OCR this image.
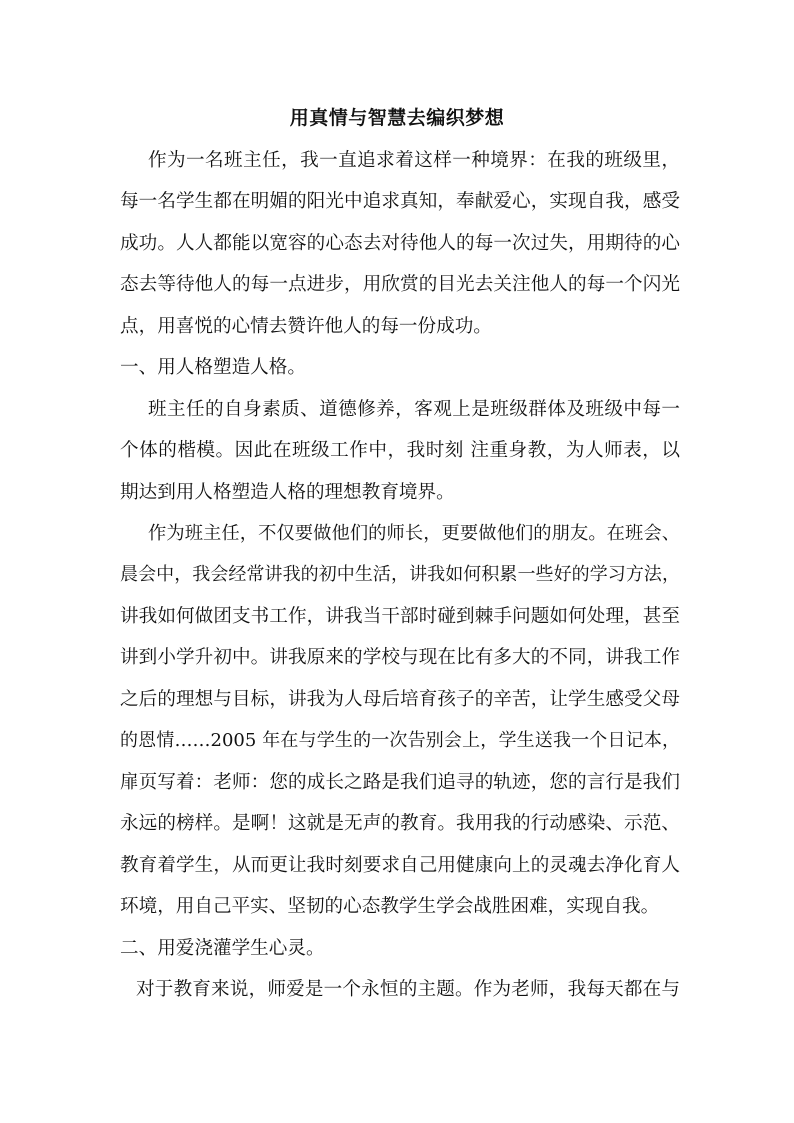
用真情与智慧去编织梦想
作为一名班主任，我一直追求着这样一种境界：在我的班级里，
每一名学生都在明媚的阳光中追求真知，奉献爱心，实现自我，感受
成功。人人都能以宽容的心态去对待他人的每一次过失，用期待的心
态去等待他人的每一点进步，用欣赏的目光去关注他人的每一个闪光
点，用喜悦的心情去赞许他人的每一份成功。
一、用人格塑造人格。
班主任的自身素质、道德修养，客观上是班级群体及班级中每一
个体的楷模。因此在班级工作中，我时刻 注重身教，为人师表，以
期达到用人格塑造人格的理想教育境界。
作为班主任，不仅要做他们的师长，更要做他们的朋友。在班会、
晨会中，我会经常讲我的初中生活，讲我如何积累一些好的学习方法，
讲我如何做团支书工作，讲我当干部时碰到棘手问题如何处理，甚至
讲到小学升初中。讲我原来的学校与现在比有多大的不同，讲我工作
之后的理想与目标，讲我为人母后培育孩子的辛苦，让学生感受父母
的恩情……2005 年在与学生的一次告别会上，学生送我一个日记本，
扉页写着：老师：您的成长之路是我们追寻的轨迹，您的言行是我们
永远的榜样。是啊！这就是无声的教育。我用我的行动感染、示范、
教育着学生，从而更让我时刻要求自己用健康向上的灵魂去净化育人
环境，用自己平实、坚韧的心态教学生学会战胜困难，实现自我。
二、用爱浇灌学生心灵。
对于教育来说，师爱是一个永恒的主题。作为老师，我每天都在与
